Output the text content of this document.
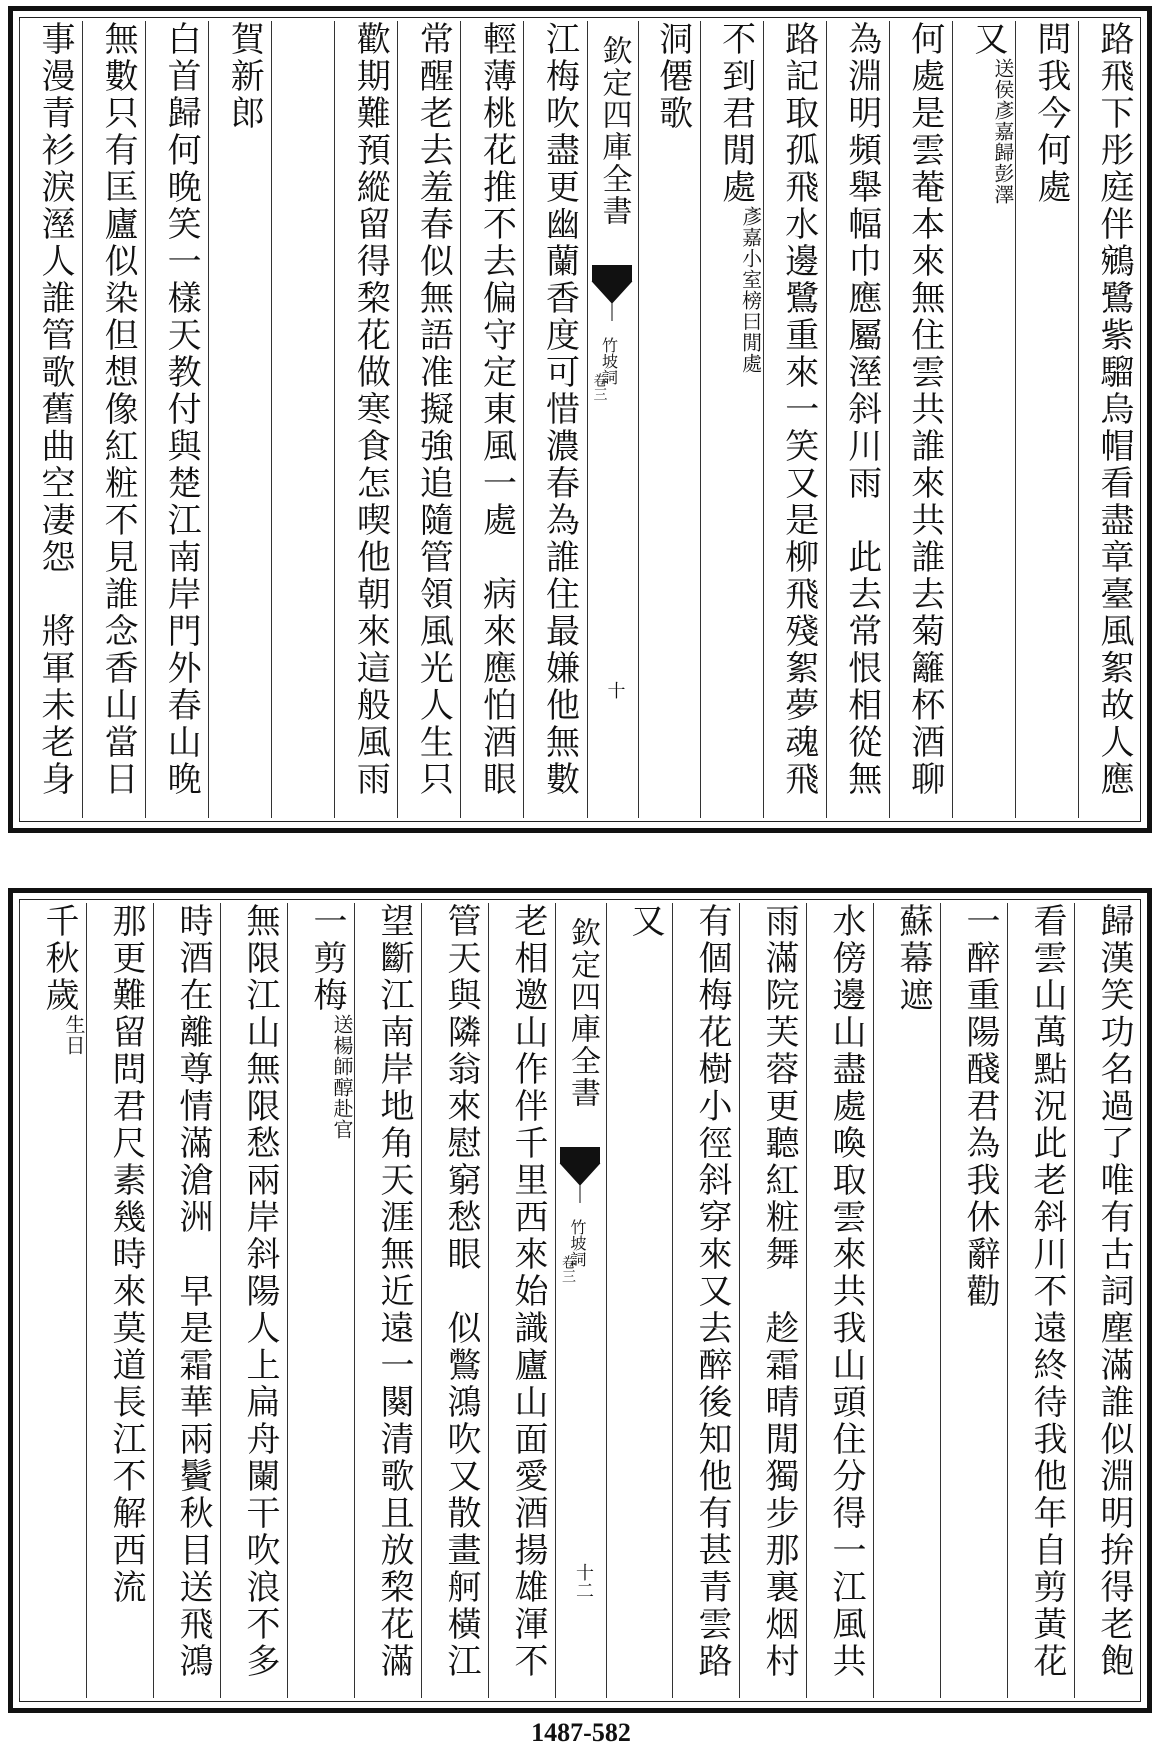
路飛下彤庭伴鵷鷺紫騮烏帽看盡章臺風絮故人應
問我今何處
又送侯彥嘉歸彭澤
何處是雲菴本來無住雲共誰來共誰去菊籬杯酒聊
為淵明頻舉幅巾應屬溼斜川雨　此去常恨相從無
路記取孤飛水邊鷺重來一笑又是柳飛殘絮夢魂飛
不到君閒處彥嘉小室榜曰閒處
洞僊歌
欽定四庫全書
竹坡詞
卷三
十
江梅吹盡更幽蘭香度可惜濃春為誰住最嫌他無數
輕薄桃花推不去偏守定東風一處　病來應怕酒眼
常醒老去羞春似無語准擬強追隨管領風光人生只
歡期難預縱留得棃花做寒食怎喫他朝來這般風雨
賀新郎
白首歸何晚笑一樣天教付與楚江南岸門外春山晚
無數只有匡廬似染但想像紅粧不見誰念香山當日
事漫青衫淚溼人誰管歌舊曲空凄怨　將軍未老身
歸漢笑功名過了唯有古詞塵滿誰似淵明拚得老飽
看雲山萬點況此老斜川不遠終待我他年自剪黃花
一醉重陽醆君為我休辭勸
蘇幕遮
水傍邊山盡處喚取雲來共我山頭住分得一江風共
雨滿院芙蓉更聽紅粧舞　趁霜晴閒獨步那裏烟村
有個梅花樹小徑斜穿來又去醉後知他有甚青雲路
又
欽定四庫全書
竹坡詞
卷三
十二
老相邀山作伴千里西來始識廬山面愛酒揚雄渾不
管天與隣翁來慰窮愁眼　似鷩鴻吹又散畫舸橫江
望斷江南岸地角天涯無近遠一闋清歌且放棃花滿
一剪梅送楊師醇赴官
無限江山無限愁兩岸斜陽人上扁舟闌干吹浪不多
時酒在離尊情滿滄洲　早是霜華兩鬢秋目送飛鴻
那更難留問君尺素幾時來莫道長江不解西流
千秋歲生日
1487-582
